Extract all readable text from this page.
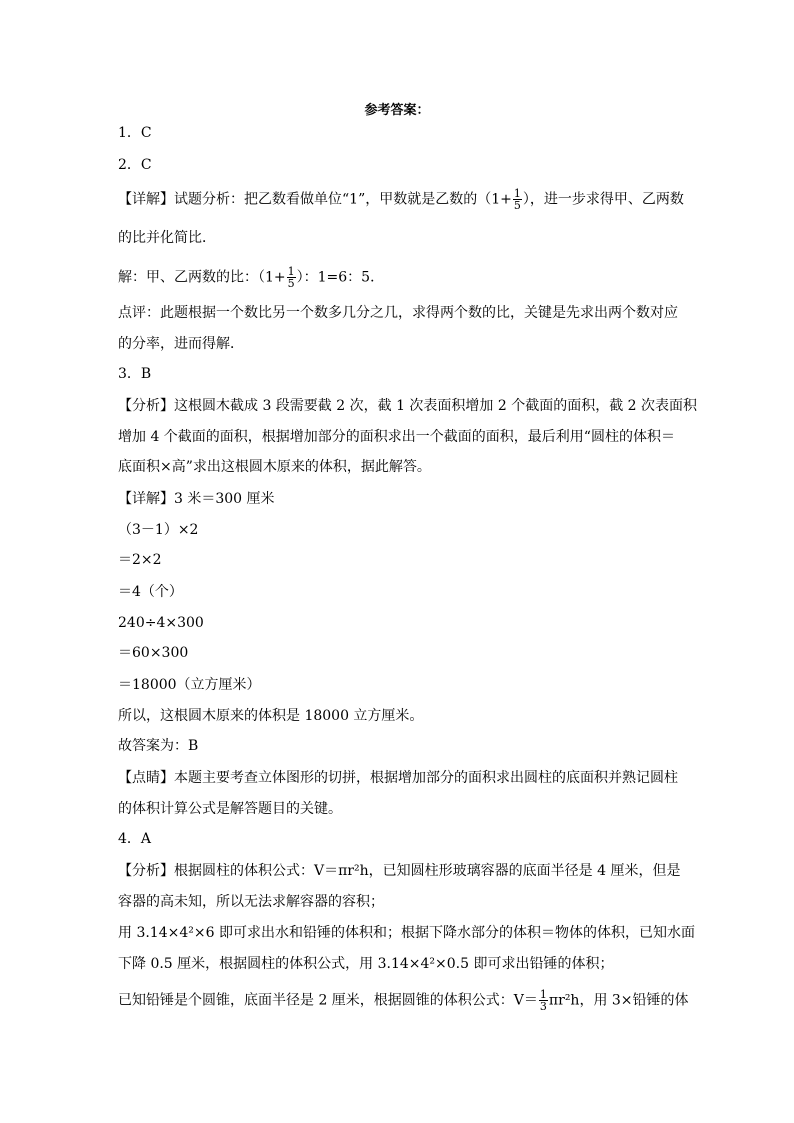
参考答案：
1．C
2．C
【详解】试题分析：把乙数看做单位“1”，甲数就是乙数的（$1+ \frac{1}{5}$ ），进一步求得甲、乙两数
的比并化简比．
解：甲、乙两数的比：（$1+ \frac{1}{5}$ ）：1=6：5．
点评：此题根据一个数比另一个数多几分之几，求得两个数的比，关键是先求出两个数对应
的分率，进而得解．
3．B
【分析】这根圆木截成 3 段需要截 2 次，截 1 次表面积增加 2 个截面的面积，截 2 次表面积
增加 4 个截面的面积，根据增加部分的面积求出一个截面的面积，最后利用“圆柱的体积＝
底面积×高”求出这根圆木原来的体积，据此解答。
【详解】3 米＝300 厘米
（3－1）×2
＝2×2
＝4（个）
240÷4×300
＝60×300
＝18000（立方厘米）
所以，这根圆木原来的体积是 18000 立方厘米。
故答案为：B
【点睛】本题主要考查立体图形的切拼，根据增加部分的面积求出圆柱的底面积并熟记圆柱
的体积计算公式是解答题目的关键。
4．A
【分析】根据圆柱的体积公式：V＝πr²h，已知圆柱形玻璃容器的底面半径是 4 厘米，但是
容器的高未知，所以无法求解容器的容积；
用 3.14×4²×6 即可求出水和铅锤的体积和；根据下降水部分的体积＝物体的体积，已知水面
下降 0.5 厘米，根据圆柱的体积公式，用 3.14×4²×0.5 即可求出铅锤的体积；
已知铅锤是个圆锥，底面半径是 2 厘米，根据圆锥的体积公式：$V= \frac{1}{3} \pi r^2h$，用 3×铅锤的体
